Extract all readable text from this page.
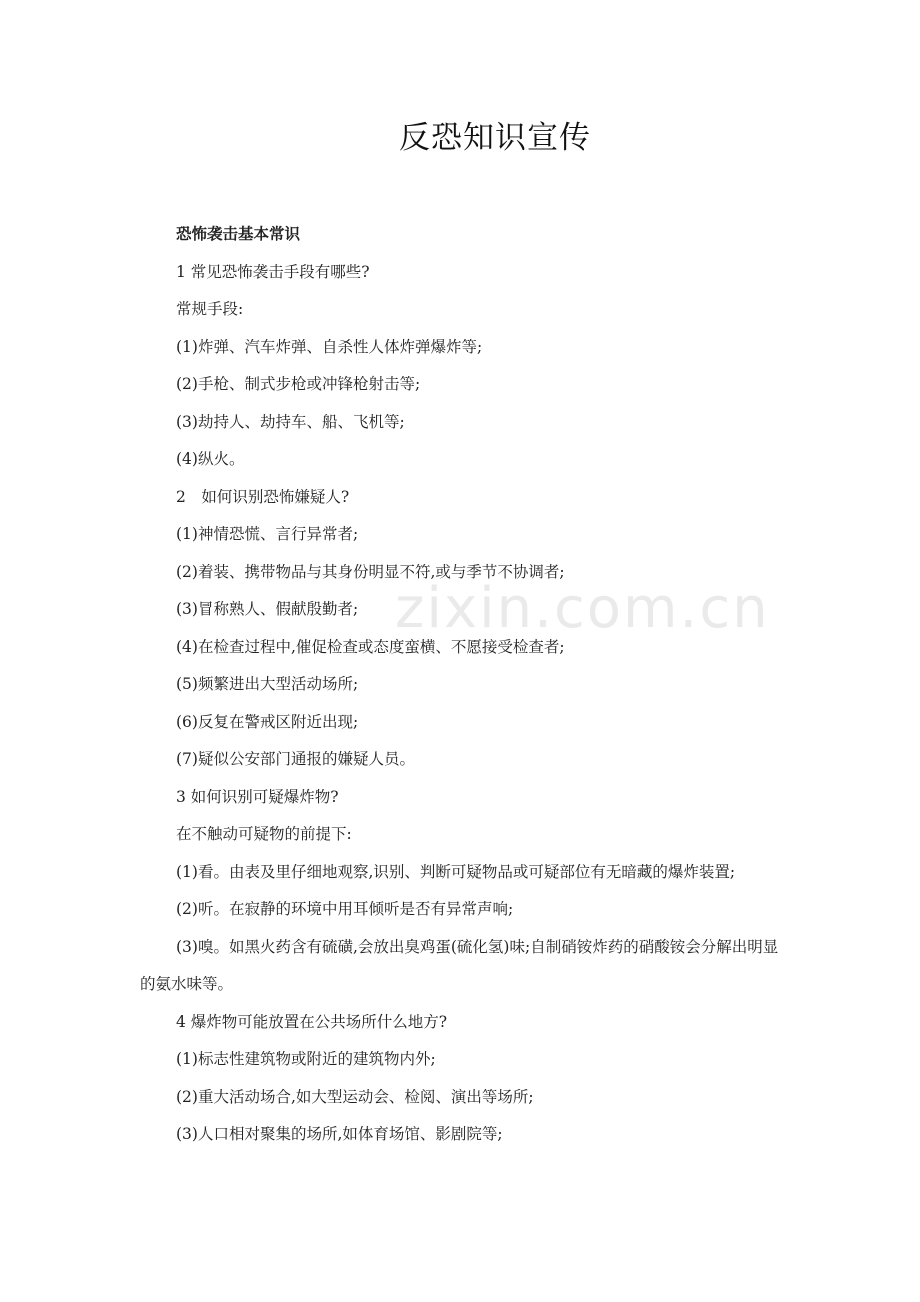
反恐知识宣传
zixin.com.cn

恐怖袭击基本常识

1 常见恐怖袭击手段有哪些?

常规手段:

(1)炸弹、汽车炸弹、自杀性人体炸弹爆炸等;

(2)手枪、制式步枪或冲锋枪射击等;

(3)劫持人、劫持车、船、飞机等;

(4)纵火。

2　如何识别恐怖嫌疑人?

(1)神情恐慌、言行异常者;

(2)着装、携带物品与其身份明显不符,或与季节不协调者;

(3)冒称熟人、假献殷勤者;

(4)在检查过程中,催促检查或态度蛮横、不愿接受检查者;

(5)频繁进出大型活动场所;

(6)反复在警戒区附近出现;

(7)疑似公安部门通报的嫌疑人员。

3 如何识别可疑爆炸物?

在不触动可疑物的前提下:

(1)看。由表及里仔细地观察,识别、判断可疑物品或可疑部位有无暗藏的爆炸装置;

(2)听。在寂静的环境中用耳倾听是否有异常声响;

(3)嗅。如黑火药含有硫磺,会放出臭鸡蛋(硫化氢)味;自制硝铵炸药的硝酸铵会分解出明显的氨水味等。

4 爆炸物可能放置在公共场所什么地方?

(1)标志性建筑物或附近的建筑物内外;

(2)重大活动场合,如大型运动会、检阅、演出等场所;

(3)人口相对聚集的场所,如体育场馆、影剧院等;
